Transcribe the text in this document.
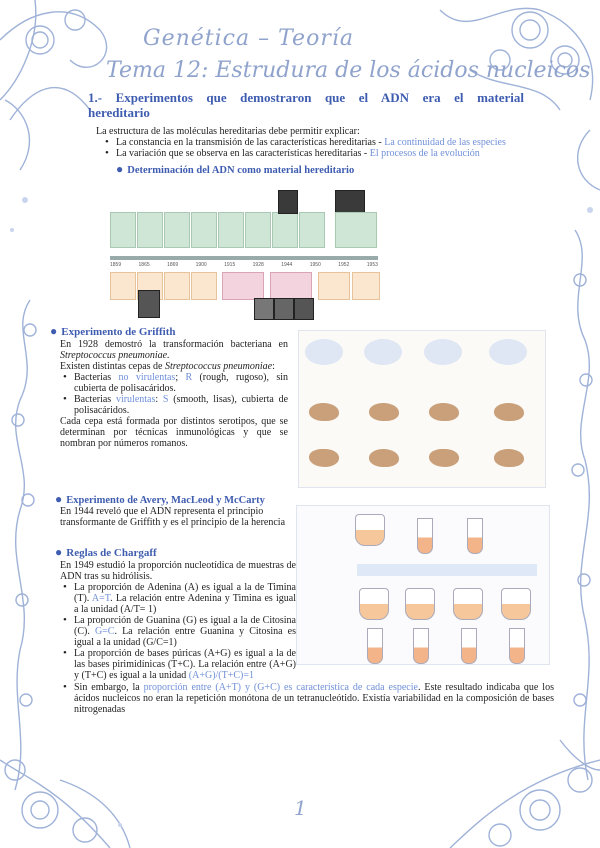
Genética – Teoría
Tema 12: Estrudura de los ácidos nucleicos
1.- Experimentos que demostraron que el ADN era el material
hereditario

La estructura de las moléculas hereditarias debe permitir explicar:

• La constancia en la transmisión de las características hereditarias - La continuidad de las especies
• La variación que se observa en las características hereditarias - El procesos de la evolución
● Determinación del ADN como material hereditario
1859	1865	1869	1900	1915	1928	1944	1950	1952	1953
● Experimento de Griffith

En 1928 demostró la transformación bacteriana en Streptococcus pneumoniae.

Existen distintas cepas de Streptococcus pneumoniae:

• Bacterias no virulentas; R (rough, rugoso), sin cubierta de polisacáridos.
• Bacterias virulentas: S (smooth, lisas), cubierta de polisacáridos.

Cada cepa está formada por distintos serotipos, que se determinan por técnicas inmunológicas y que se nombran por números romanos.

● Experimento de Avery, MacLeod y McCarty

En 1944 reveló que el ADN representa el principio transformante de Griffith y es el principio de la herencia

● Reglas de Chargaff

En 1949 estudió la proporción nucleotídica de muestras de ADN tras su hidrólisis.

• La proporción de Adenina (A) es igual a la de Timina (T). A=T. La relación entre Adenina y Timina es igual a la unidad (A/T= 1)
• La proporción de Guanina (G) es igual a la de Citosina (C). G=C. La relación entre Guanina y Citosina es igual a la unidad (G/C=1)
• La proporción de bases púricas (A+G) es igual a la de las bases pirimidínicas (T+C). La relación entre (A+G) y (T+C) es igual a la unidad (A+G)/(T+C)=1
• Sin embargo, la proporción entre (A+T) y (G+C) es característica de cada especie. Este resultado indicaba que los ácidos nucleicos no eran la repetición monótona de un tetranucleótido. Existía variabilidad en la composición de bases nitrogenadas
1
